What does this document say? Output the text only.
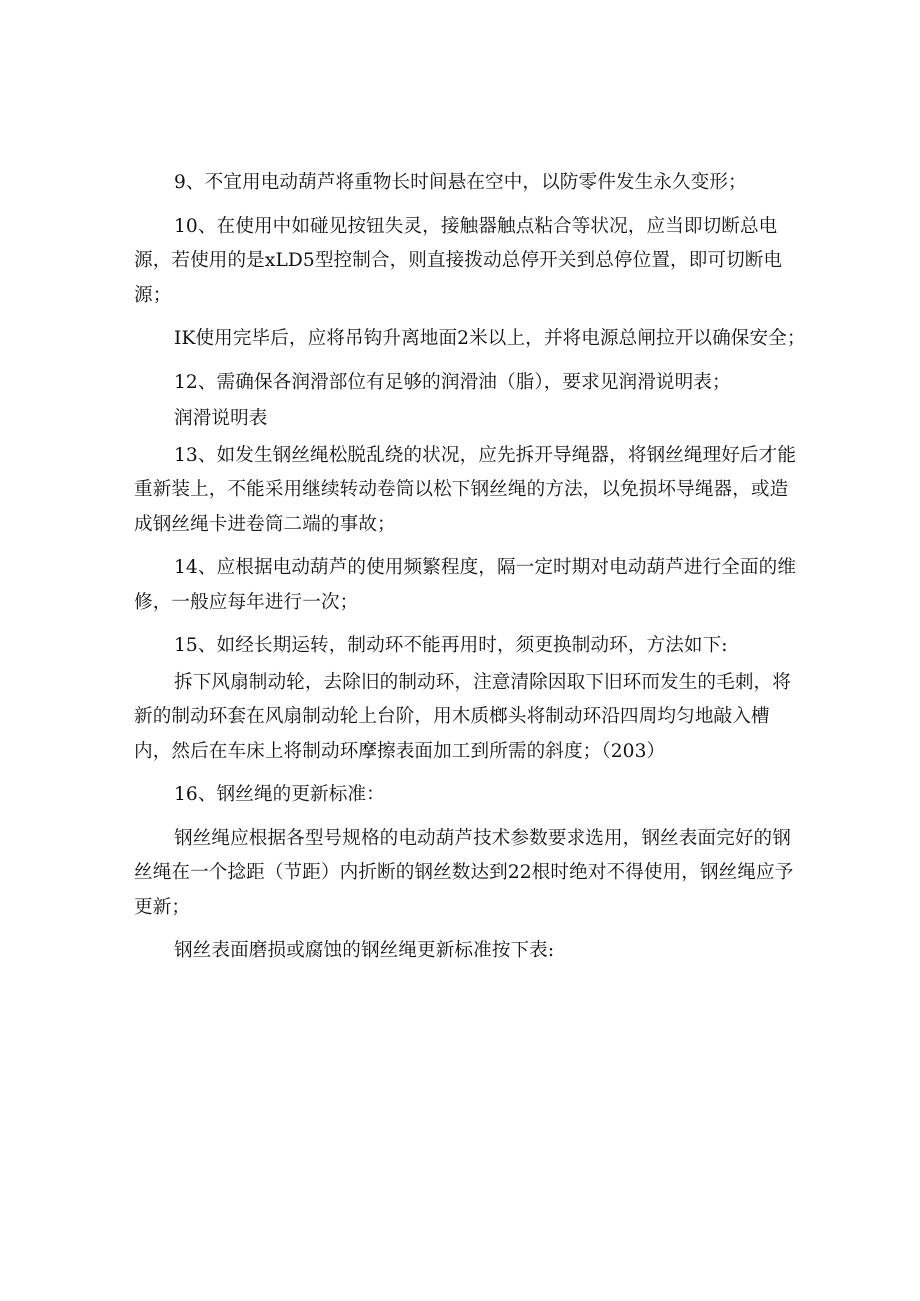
9、不宜用电动葫芦将重物长时间悬在空中，以防零件发生永久变形；

10、在使用中如碰见按钮失灵，接触器触点粘合等状况，应当即切断总电源，若使用的是xLD5型控制合，则直接拨动总停开关到总停位置，即可切断电源；

IK使用完毕后，应将吊钩升离地面2米以上，并将电源总闸拉开以确保安全；

12、需确保各润滑部位有足够的润滑油（脂），要求见润滑说明表；

润滑说明表

13、如发生钢丝绳松脱乱绕的状况，应先拆开导绳器，将钢丝绳理好后才能重新装上，不能采用继续转动卷筒以松下钢丝绳的方法，以免损坏导绳器，或造成钢丝绳卡进卷筒二端的事故；

14、应根据电动葫芦的使用频繁程度，隔一定时期对电动葫芦进行全面的维修，一般应每年进行一次；

15、如经长期运转，制动环不能再用时，须更换制动环，方法如下:

拆下风扇制动轮，去除旧的制动环，注意清除因取下旧环而发生的毛刺，将新的制动环套在风扇制动轮上台阶，用木质榔头将制动环沿四周均匀地敲入槽内，然后在车床上将制动环摩擦表面加工到所需的斜度；（203）

16、钢丝绳的更新标准：

钢丝绳应根据各型号规格的电动葫芦技术参数要求选用，钢丝表面完好的钢丝绳在一个捻距（节距）内折断的钢丝数达到22根时绝对不得使用，钢丝绳应予更新；

钢丝表面磨损或腐蚀的钢丝绳更新标准按下表:
